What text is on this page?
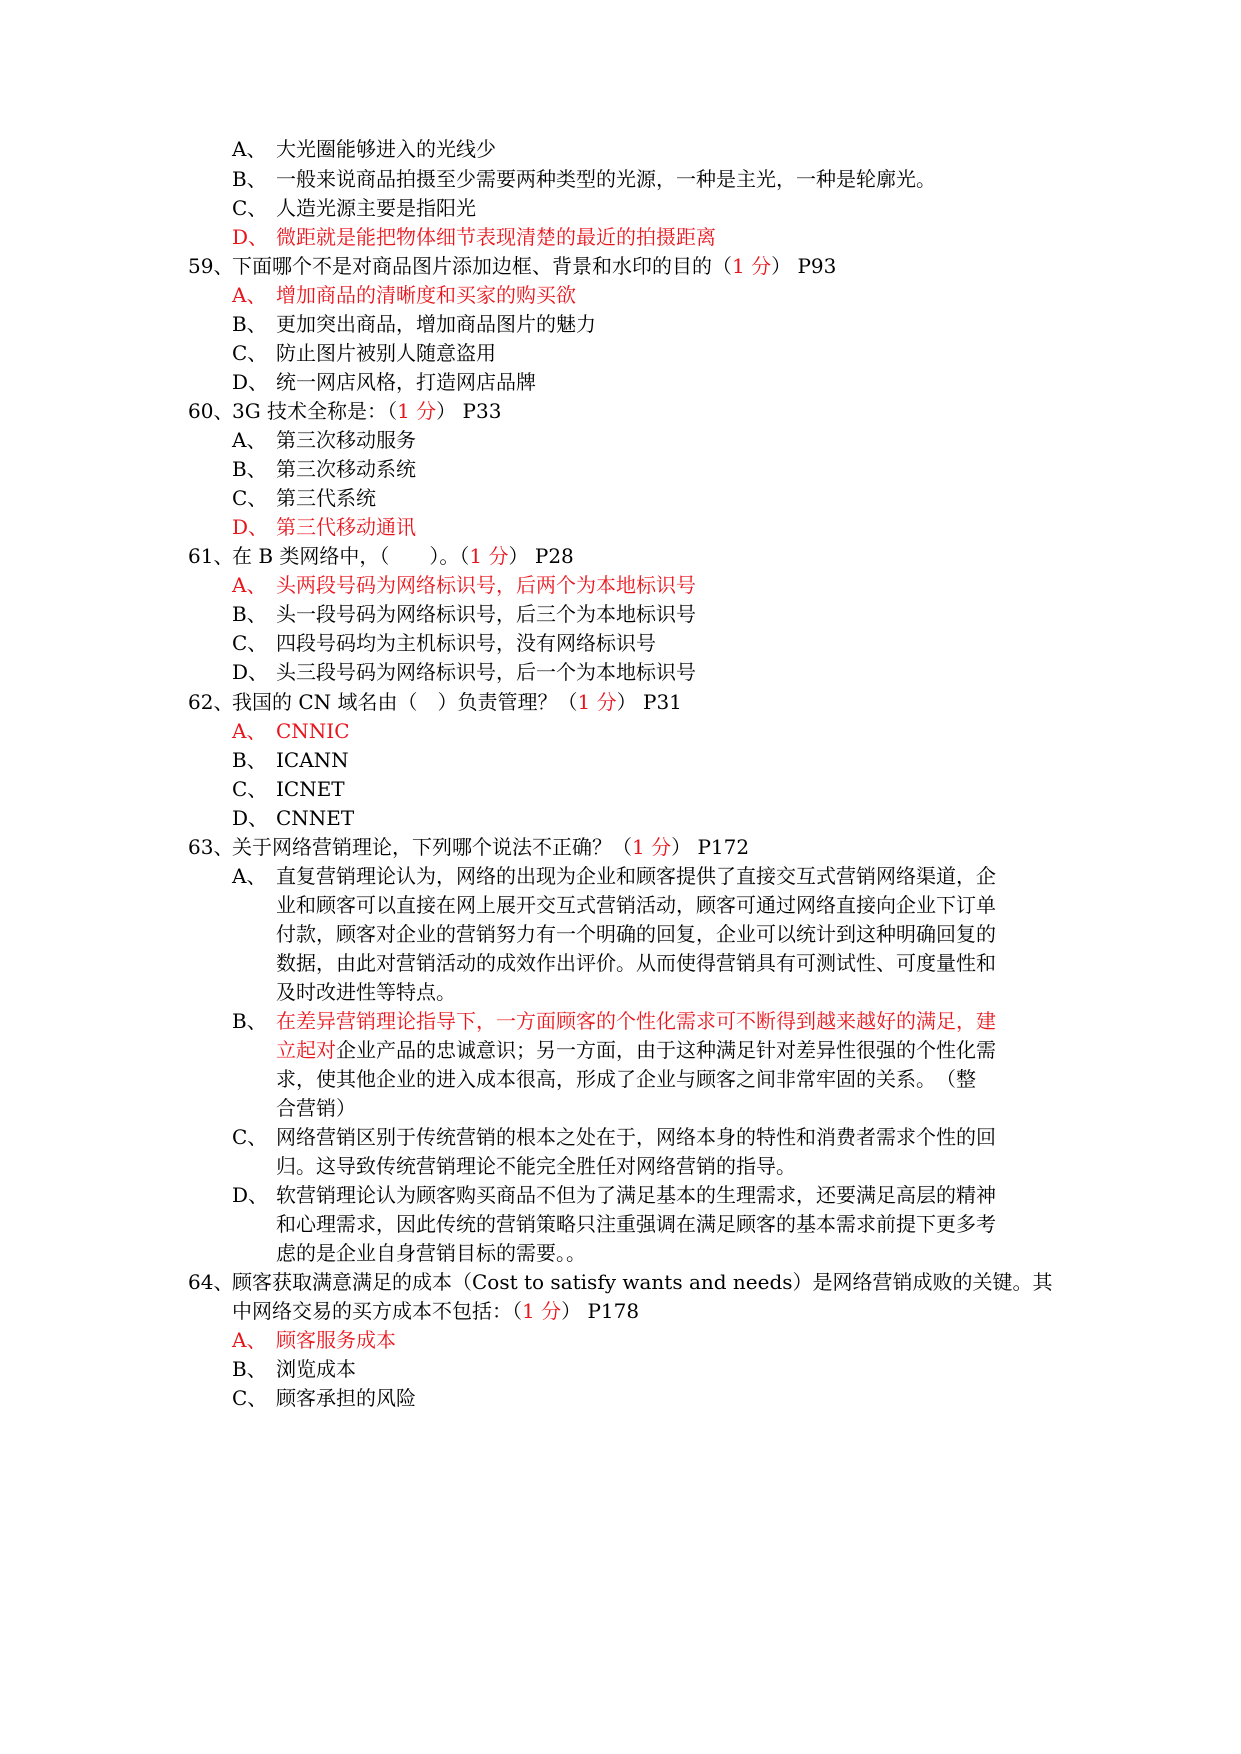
A、 大光圈能够进入的光线少
B、 一般来说商品拍摄至少需要两种类型的光源，一种是主光，一种是轮廓光。
C、 人造光源主要是指阳光
D、 微距就是能把物体细节表现清楚的最近的拍摄距离
59、下面哪个不是对商品图片添加边框、背景和水印的目的（1 分） P93
A、 增加商品的清晰度和买家的购买欲
B、 更加突出商品，增加商品图片的魅力
C、 防止图片被别人随意盗用
D、 统一网店风格，打造网店品牌
60、3G 技术全称是：（1 分） P33
A、 第三次移动服务
B、 第三次移动系统
C、 第三代系统
D、 第三代移动通讯
61、在 B 类网络中，（　　）。（1 分） P28
A、 头两段号码为网络标识号，后两个为本地标识号
B、 头一段号码为网络标识号，后三个为本地标识号
C、 四段号码均为主机标识号，没有网络标识号
D、 头三段号码为网络标识号，后一个为本地标识号
62、我国的 CN 域名由（　）负责管理？（1 分） P31
A、 CNNIC
B、 ICANN
C、 ICNET
D、 CNNET
63、关于网络营销理论，下列哪个说法不正确？（1 分） P172
A、 直复营销理论认为，网络的出现为企业和顾客提供了直接交互式营销网络渠道，企
业和顾客可以直接在网上展开交互式营销活动，顾客可通过网络直接向企业下订单
付款，顾客对企业的营销努力有一个明确的回复，企业可以统计到这种明确回复的
数据，由此对营销活动的成效作出评价。从而使得营销具有可测试性、可度量性和
及时改进性等特点。
B、 在差异营销理论指导下，一方面顾客的个性化需求可不断得到越来越好的满足，建
立起对企业产品的忠诚意识；另一方面，由于这种满足针对差异性很强的个性化需
求，使其他企业的进入成本很高，形成了企业与顾客之间非常牢固的关系。　（整
合营销）
C、 网络营销区别于传统营销的根本之处在于，网络本身的特性和消费者需求个性的回
归。这导致传统营销理论不能完全胜任对网络营销的指导。
D、 软营销理论认为顾客购买商品不但为了满足基本的生理需求，还要满足高层的精神
和心理需求，因此传统的营销策略只注重强调在满足顾客的基本需求前提下更多考
虑的是企业自身营销目标的需要。。
64、顾客获取满意满足的成本（Cost to satisfy wants and needs）是网络营销成败的关键。其
中网络交易的买方成本不包括：（1 分） P178
A、 顾客服务成本
B、 浏览成本
C、 顾客承担的风险
